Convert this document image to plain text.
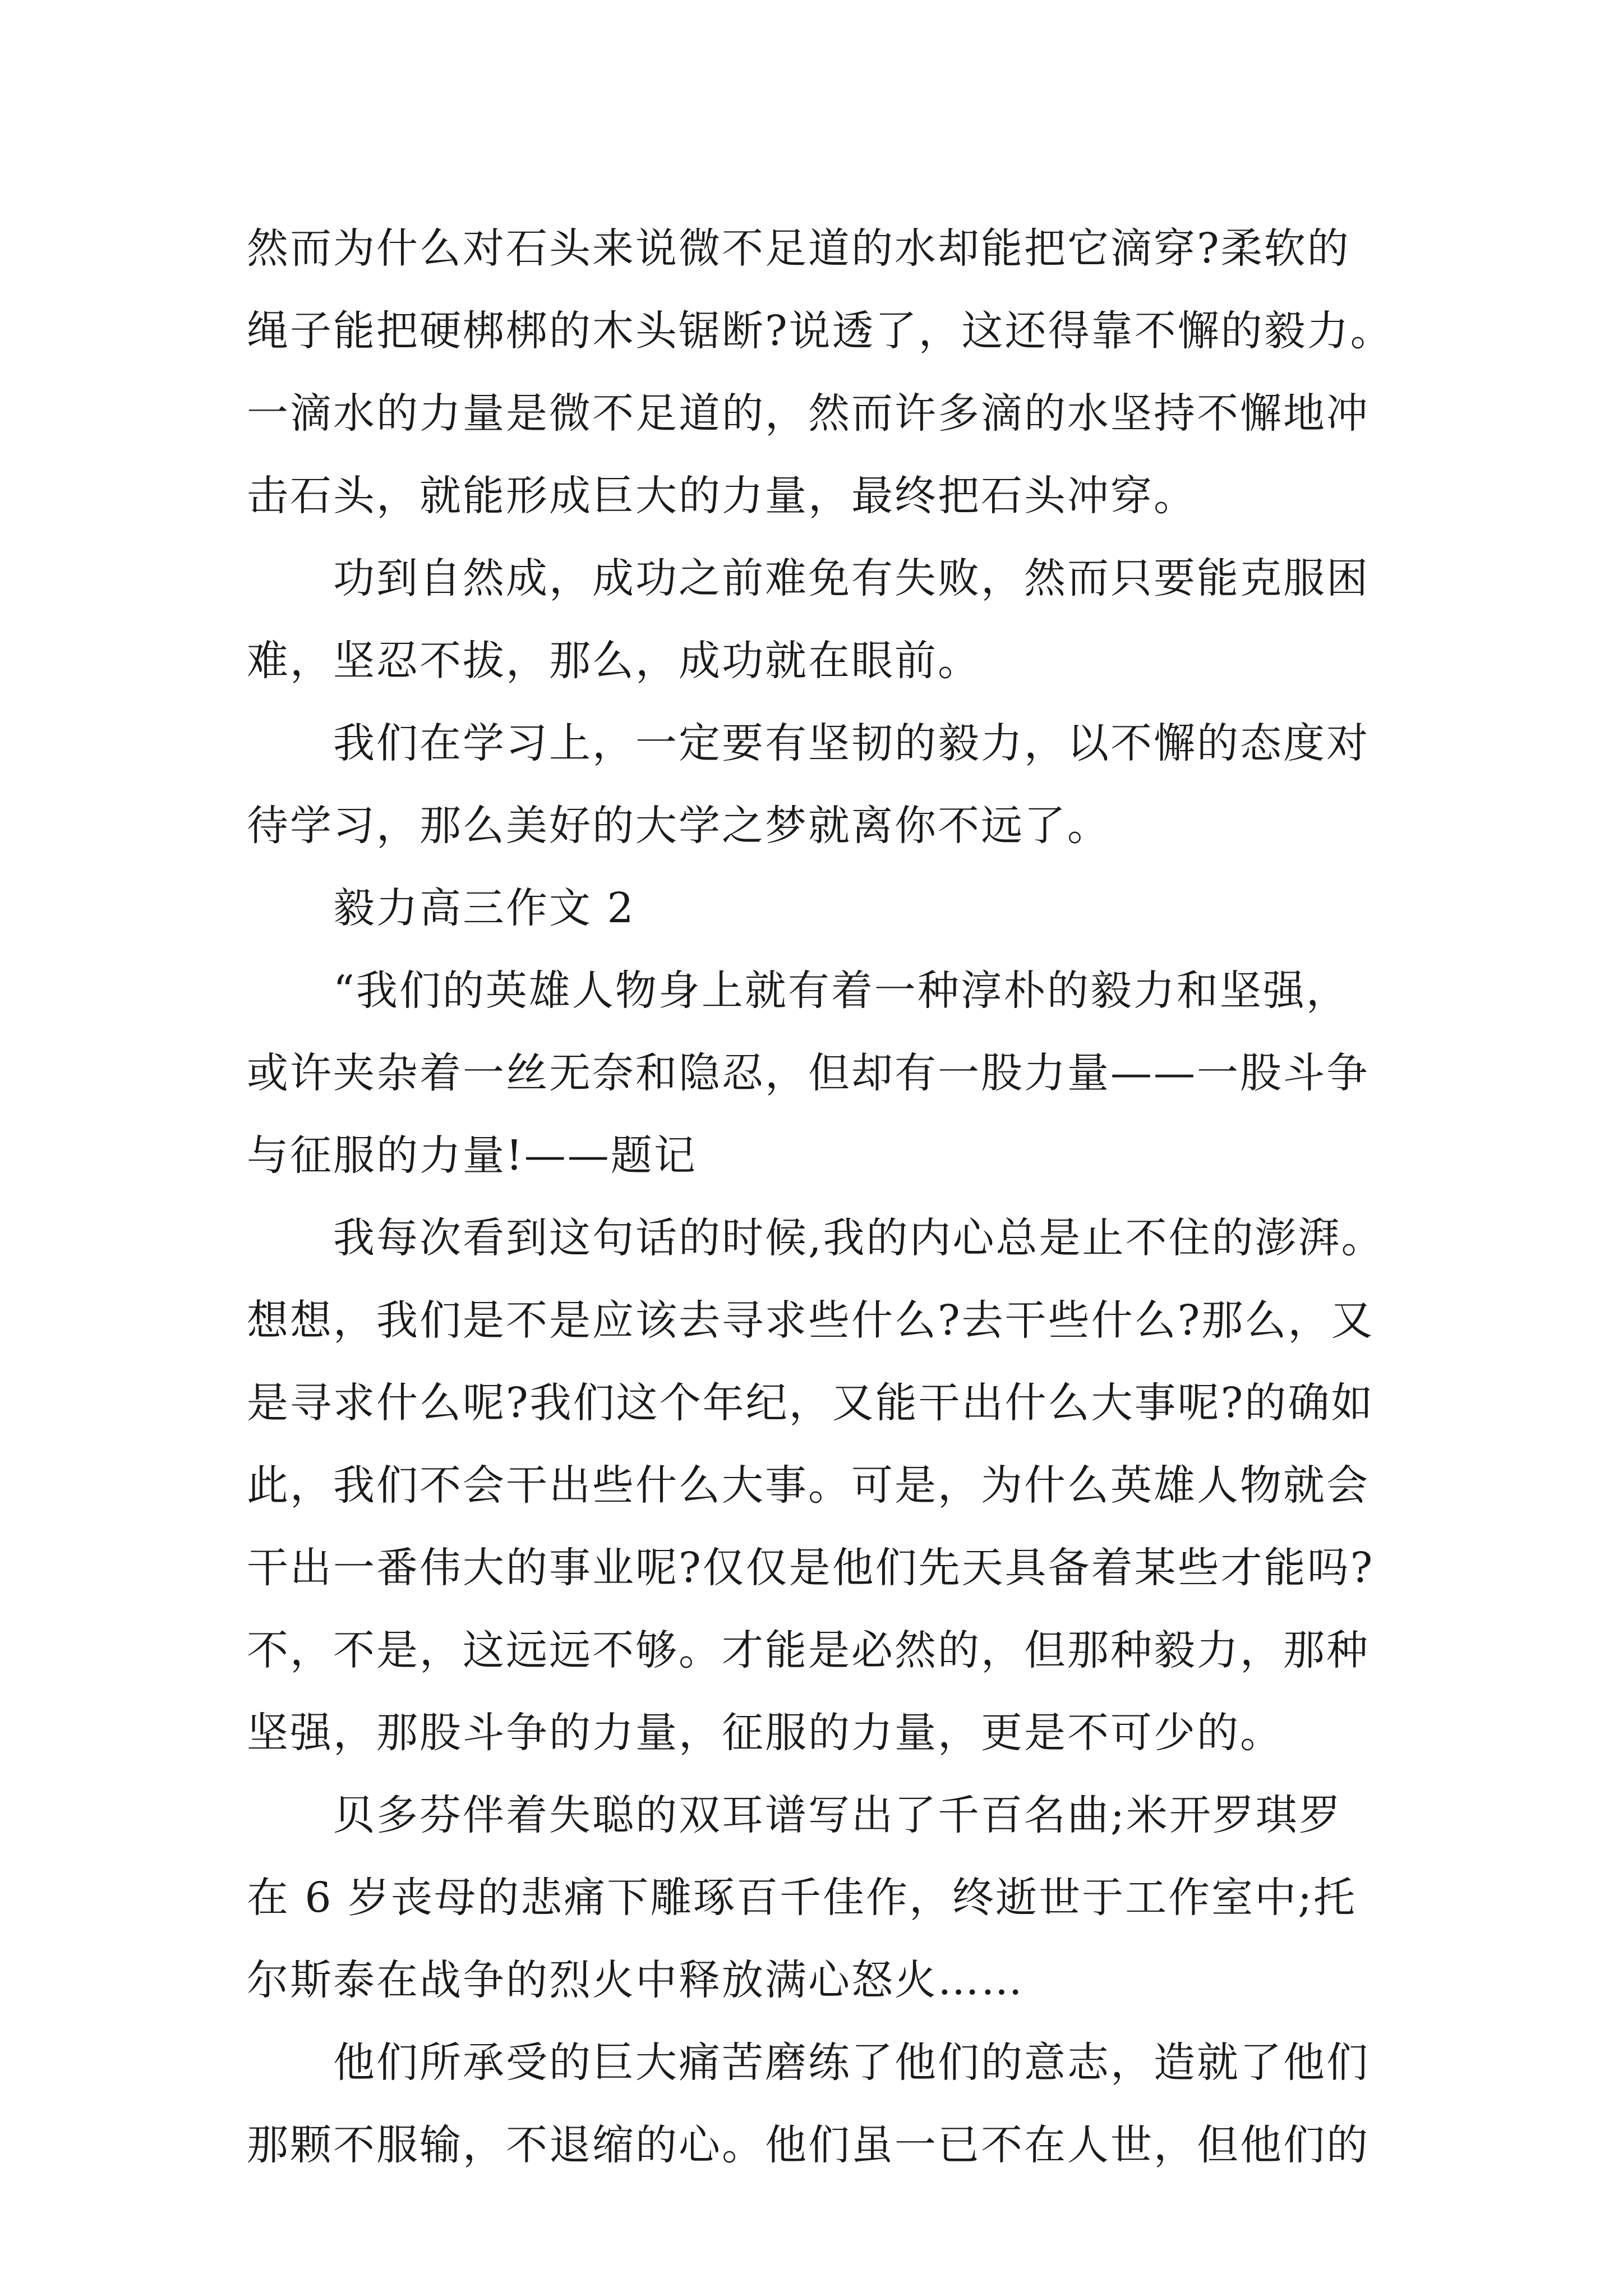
然而为什么对石头来说微不足道的水却能把它滴穿?柔软的
绳子能把硬梆梆的木头锯断?说透了，这还得靠不懈的毅力。
一滴水的力量是微不足道的，然而许多滴的水坚持不懈地冲
击石头，就能形成巨大的力量，最终把石头冲穿。
　　功到自然成，成功之前难免有失败，然而只要能克服困
难，坚忍不拔，那么，成功就在眼前。
　　我们在学习上，一定要有坚韧的毅力，以不懈的态度对
待学习，那么美好的大学之梦就离你不远了。
　　毅力高三作文 2
　　“我们的英雄人物身上就有着一种淳朴的毅力和坚强，
或许夹杂着一丝无奈和隐忍，但却有一股力量——一股斗争
与征服的力量!——题记
　　我每次看到这句话的时候,我的内心总是止不住的澎湃。
想想，我们是不是应该去寻求些什么?去干些什么?那么，又
是寻求什么呢?我们这个年纪，又能干出什么大事呢?的确如
此，我们不会干出些什么大事。可是，为什么英雄人物就会
干出一番伟大的事业呢?仅仅是他们先天具备着某些才能吗?
不，不是，这远远不够。才能是必然的，但那种毅力，那种
坚强，那股斗争的力量，征服的力量，更是不可少的。
　　贝多芬伴着失聪的双耳谱写出了千百名曲;米开罗琪罗
在 6 岁丧母的悲痛下雕琢百千佳作，终逝世于工作室中;托
尔斯泰在战争的烈火中释放满心怒火……
　　他们所承受的巨大痛苦磨练了他们的意志，造就了他们
那颗不服输，不退缩的心。他们虽一已不在人世，但他们的
